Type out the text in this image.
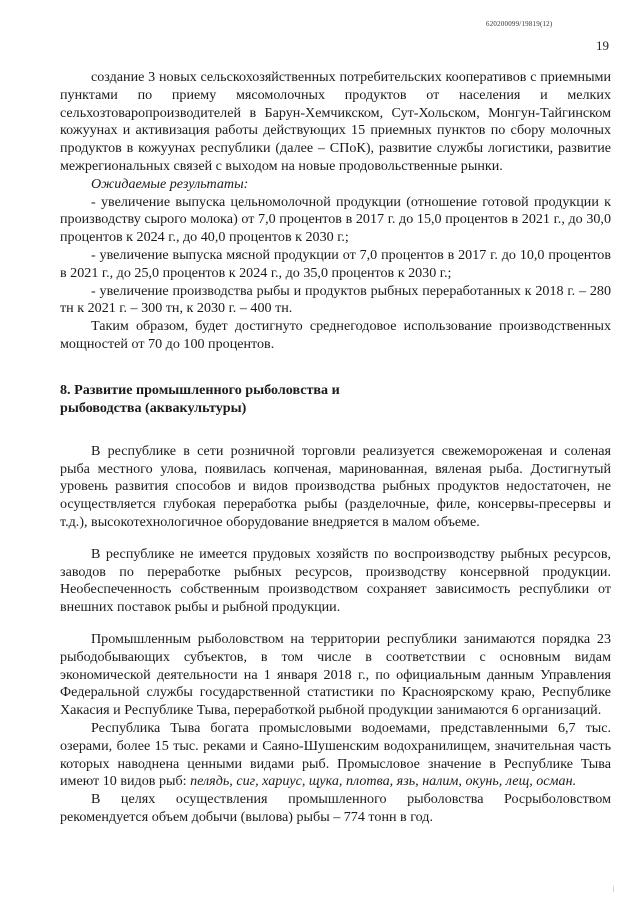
620200099/19819(12)
19

создание 3 новых сельскохозяйственных потребительских кооперативов с приемными пунктами по приему мясомолочных продуктов от населения и мелких сельхозтоваропроизводителей в Барун-Хемчикском, Сут-Хольском, Монгун-Тайгинском кожуунах и активизация работы действующих 15 приемных пунктов по сбору молочных продуктов в кожуунах республики (далее – СПоК), развитие службы логистики, развитие межрегиональных связей с выходом на новые продовольственные рынки.

Ожидаемые результаты:

- увеличение выпуска цельномолочной продукции (отношение готовой продукции к производству сырого молока) от 7,0 процентов в 2017 г. до 15,0 процентов в 2021 г., до 30,0 процентов к 2024 г., до 40,0 процентов к 2030 г.;

- увеличение выпуска мясной продукции от 7,0 процентов в 2017 г. до 10,0 процентов в 2021 г., до 25,0 процентов к 2024 г., до 35,0 процентов к 2030 г.;

- увеличение производства рыбы и продуктов рыбных переработанных к 2018 г. – 280 тн к 2021 г. – 300 тн, к 2030 г. – 400 тн.

Таким образом, будет достигнуто среднегодовое использование производственных мощностей от 70 до 100 процентов.

8. Развитие промышленного рыболовства и
рыбоводства (аквакультуры)

В республике в сети розничной торговли реализуется свежемороженая и соленая рыба местного улова, появилась копченая, маринованная, вяленая рыба. Достигнутый уровень развития способов и видов производства рыбных продуктов недостаточен, не осуществляется глубокая переработка рыбы (разделочные, филе, консервы-пресервы и т.д.), высокотехнологичное оборудование внедряется в малом объеме.

В республике не имеется прудовых хозяйств по воспроизводству рыбных ресурсов, заводов по переработке рыбных ресурсов, производству консервной продукции. Необеспеченность собственным производством сохраняет зависимость республики от внешних поставок рыбы и рыбной продукции.

Промышленным рыболовством на территории республики занимаются порядка 23 рыбодобывающих субъектов, в том числе в соответствии с основным видам экономической деятельности на 1 января 2018 г., по официальным данным Управления Федеральной службы государственной статистики по Красноярскому краю, Республике Хакасия и Республике Тыва, переработкой рыбной продукции занимаются 6 организаций.

Республика Тыва богата промысловыми водоемами, представленными 6,7 тыс. озерами, более 15 тыс. реками и Саяно-Шушенским водохранилищем, значительная часть которых наводнена ценными видами рыб. Промысловое значение в Республике Тыва имеют 10 видов рыб: пелядь, сиг, хариус, щука, плотва, язь, налим, окунь, лещ, осман.

В целях осуществления промышленного рыболовства Росрыболовством рекомендуется объем добычи (вылова) рыбы – 774 тонн в год.

/
